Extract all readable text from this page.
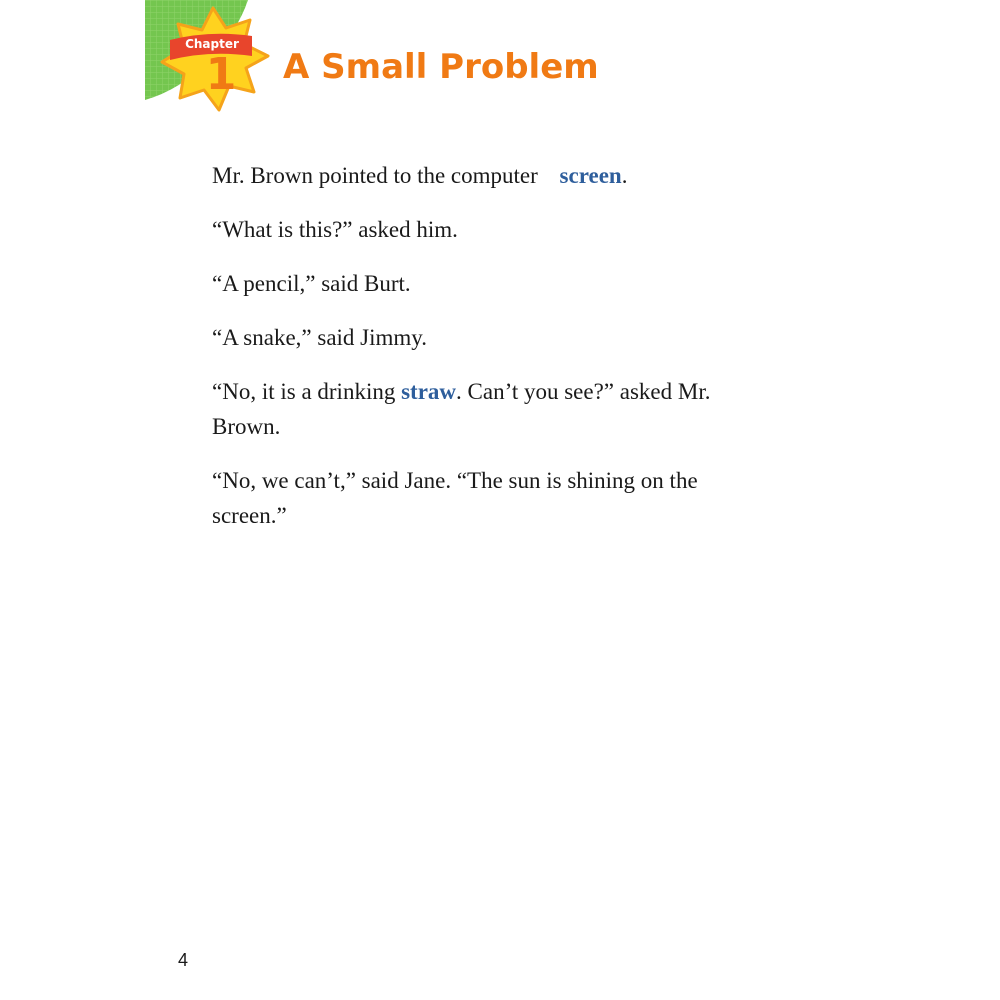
Chapter
1 A Small Problem

Mr. Brown pointed to the computer screen.

“What is this?” asked him.

“A pencil,” said Burt.

“A snake,” said Jimmy.

“No, it is a drinking straw. Can’t you see?” asked Mr. Brown.

“No, we can’t,” said Jane. “The sun is shining on the screen.”

4
